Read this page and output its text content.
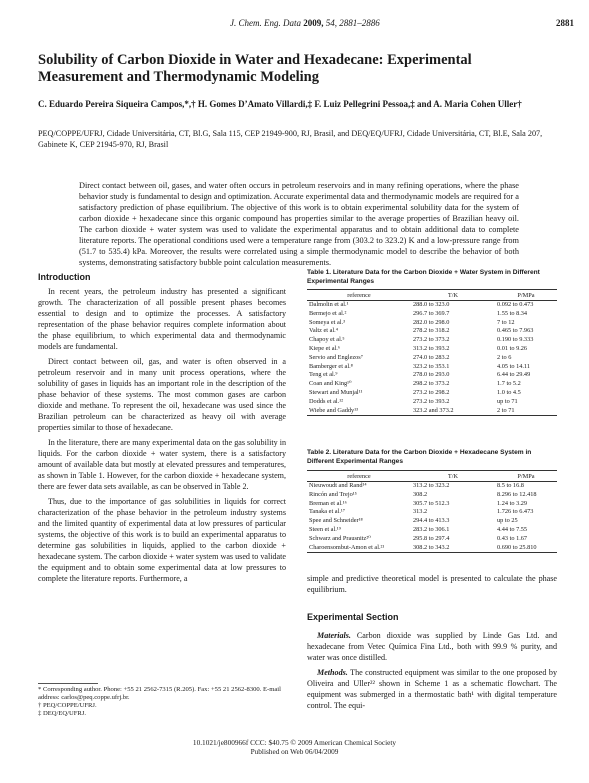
J. Chem. Eng. Data 2009, 54, 2881–2886	2881
Solubility of Carbon Dioxide in Water and Hexadecane: Experimental Measurement and Thermodynamic Modeling
C. Eduardo Pereira Siqueira Campos,*,† H. Gomes D’Amato Villardi,‡ F. Luiz Pellegrini Pessoa,‡ and A. Maria Cohen Uller†
PEQ/COPPE/UFRJ, Cidade Universitária, CT, Bl.G, Sala 115, CEP 21949-900, RJ, Brasil, and DEQ/EQ/UFRJ, Cidade Universitária, CT, Bl.E, Sala 207, Gabinete K, CEP 21945-970, RJ, Brasil
Direct contact between oil, gases, and water often occurs in petroleum reservoirs and in many refining operations, where the phase behavior study is fundamental to design and optimization. Accurate experimental data and thermodynamic models are required for a satisfactory prediction of phase equilibrium. The objective of this work is to obtain experimental solubility data for the system of carbon dioxide + hexadecane since this organic compound has properties similar to the average properties of Brazilian heavy oil. The carbon dioxide + water system was used to validate the experimental apparatus and to obtain additional data to complete literature reports. The operational conditions used were a temperature range from (303.2 to 323.2) K and a low-pressure range from (51.7 to 535.4) kPa. Moreover, the results were correlated using a simple thermodynamic model to describe the behavior of both systems, demonstrating satisfactory bubble point calculation measurements.
Introduction

In recent years, the petroleum industry has presented a significant growth. The characterization of all possible present phases becomes essential to design and to optimize the processes. A satisfactory representation of the phase behavior requires complete information about the phase equilibrium, to which experimental data and thermodynamic models are fundamental.

Direct contact between oil, gas, and water is often observed in a petroleum reservoir and in many unit process operations, where the solubility of gases in liquids has an important role in the description of the phase behavior of these systems. The most common gases are carbon dioxide and methane. To represent the oil, hexadecane was used since the Brazilian petroleum can be characterized as heavy oil with average properties similar to those of hexadecane.

In the literature, there are many experimental data on the gas solubility in liquids. For the carbon dioxide + water system, there is a satisfactory amount of available data but mostly at elevated pressures and temperatures, as shown in Table 1. However, for the carbon dioxide + hexadecane system, there are fewer data sets available, as can be observed in Table 2.

Thus, due to the importance of gas solubilities in liquids for correct characterization of the phase behavior in the petroleum industry systems and the limited quantity of experimental data at low pressures of particular systems, the objective of this work is to build an experimental apparatus to determine gas solubilities in liquids, applied to the carbon dioxide + hexadecane system. The carbon dioxide + water system was used to validate the equipment and to obtain some experimental data at low pressures to complete the literature reports. Furthermore, a

* Corresponding author. Phone: +55 21 2562-7315 (R.205). Fax: +55 21 2562-8300. E-mail address: carlos@peq.coppe.ufrj.br.
† PEQ/COPPE/UFRJ.
‡ DEQ/EQ/UFRJ.
Table 1. Literature Data for the Carbon Dioxide + Water System in Different Experimental Ranges
reference	T/K	P/MPa
Dalmolin et al.¹	288.0 to 323.0	0.092 to 0.473
Bermejo et al.²	296.7 to 369.7	1.55 to 8.34
Someya et al.³	282.0 to 298.0	7 to 12
Valtz et al.⁴	278.2 to 318.2	0.465 to 7.963
Chapoy et al.⁵	273.2 to 373.2	0.190 to 9.333
Kiepe et al.⁶	313.2 to 393.2	0.01 to 9.26
Servio and Englezos⁷	274.0 to 283.2	2 to 6
Bamberger et al.⁸	323.2 to 353.1	4.05 to 14.11
Teng et al.⁹	278.0 to 293.0	6.44 to 29.49
Coan and King¹⁰	298.2 to 373.2	1.7 to 5.2
Stewart and Munjal¹¹	273.2 to 298.2	1.0 to 4.5
Dodds et al.¹²	273.2 to 393.2	up to 71
Wiebe and Gaddy¹³	323.2 and 373.2	2 to 71
Table 2. Literature Data for the Carbon Dioxide + Hexadecane System in Different Experimental Ranges
reference	T/K	P/MPa
Nieuwoudt and Rand¹⁴	313.2 to 323.2	8.5 to 16.8
Rincón and Trejo¹⁵	308.2	8.296 to 12.418
Breman et al.¹⁶	305.7 to 512.3	1.24 to 3.29
Tanaka et al.¹⁷	313.2	1.726 to 6.473
Spee and Schneider¹⁸	294.4 to 413.3	up to 25
Steen et al.¹⁹	283.2 to 306.1	4.44 to 7.55
Schwarz and Prausnitz²⁰	295.8 to 297.4	0.43 to 1.67
Charoensombut-Amon et al.²¹	308.2 to 343.2	0.690 to 25.810
simple and predictive theoretical model is presented to calculate the phase equilibrium.
Experimental Section

Materials. Carbon dioxide was supplied by Linde Gas Ltd. and hexadecane from Vetec Química Fina Ltd., both with 99.9 % purity, and water was once distilled.

Methods. The constructed equipment was similar to the one proposed by Oliveira and Uller²² shown in Scheme 1 as a schematic flowchart. The equipment was submerged in a thermostatic bath¹ with digital temperature control. The equi-

10.1021/je800966f CCC: $40.75 © 2009 American Chemical Society
Published on Web 06/04/2009
